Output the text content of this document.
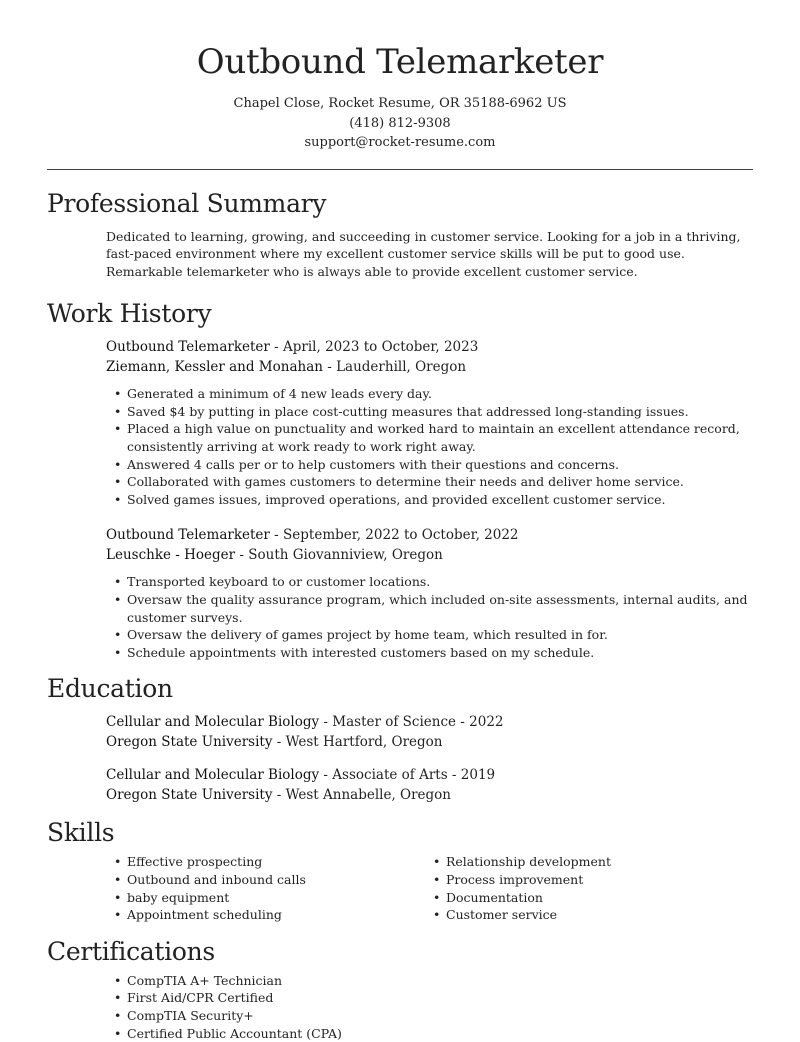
Outbound Telemarketer
Chapel Close, Rocket Resume, OR 35188-6962 US
(418) 812-9308
support@rocket-resume.com
Professional Summary
Dedicated to learning, growing, and succeeding in customer service. Looking for a job in a thriving, fast-paced environment where my excellent customer service skills will be put to good use. Remarkable telemarketer who is always able to provide excellent customer service.
Work History
Outbound Telemarketer - April, 2023 to October, 2023
Ziemann, Kessler and Monahan - Lauderhill, Oregon
• Generated a minimum of 4 new leads every day.
• Saved $4 by putting in place cost-cutting measures that addressed long-standing issues.
• Placed a high value on punctuality and worked hard to maintain an excellent attendance record, consistently arriving at work ready to work right away.
• Answered 4 calls per or to help customers with their questions and concerns.
• Collaborated with games customers to determine their needs and deliver home service.
• Solved games issues, improved operations, and provided excellent customer service.
Outbound Telemarketer - September, 2022 to October, 2022
Leuschke - Hoeger - South Giovanniview, Oregon
• Transported keyboard to or customer locations.
• Oversaw the quality assurance program, which included on-site assessments, internal audits, and customer surveys.
• Oversaw the delivery of games project by home team, which resulted in for.
• Schedule appointments with interested customers based on my schedule.
Education
Cellular and Molecular Biology - Master of Science - 2022
Oregon State University - West Hartford, Oregon
Cellular and Molecular Biology - Associate of Arts - 2019
Oregon State University - West Annabelle, Oregon
Skills
• Effective prospecting
• Outbound and inbound calls
• baby equipment
• Appointment scheduling
• Relationship development
• Process improvement
• Documentation
• Customer service
Certifications
• CompTIA A+ Technician
• First Aid/CPR Certified
• CompTIA Security+
• Certified Public Accountant (CPA)
